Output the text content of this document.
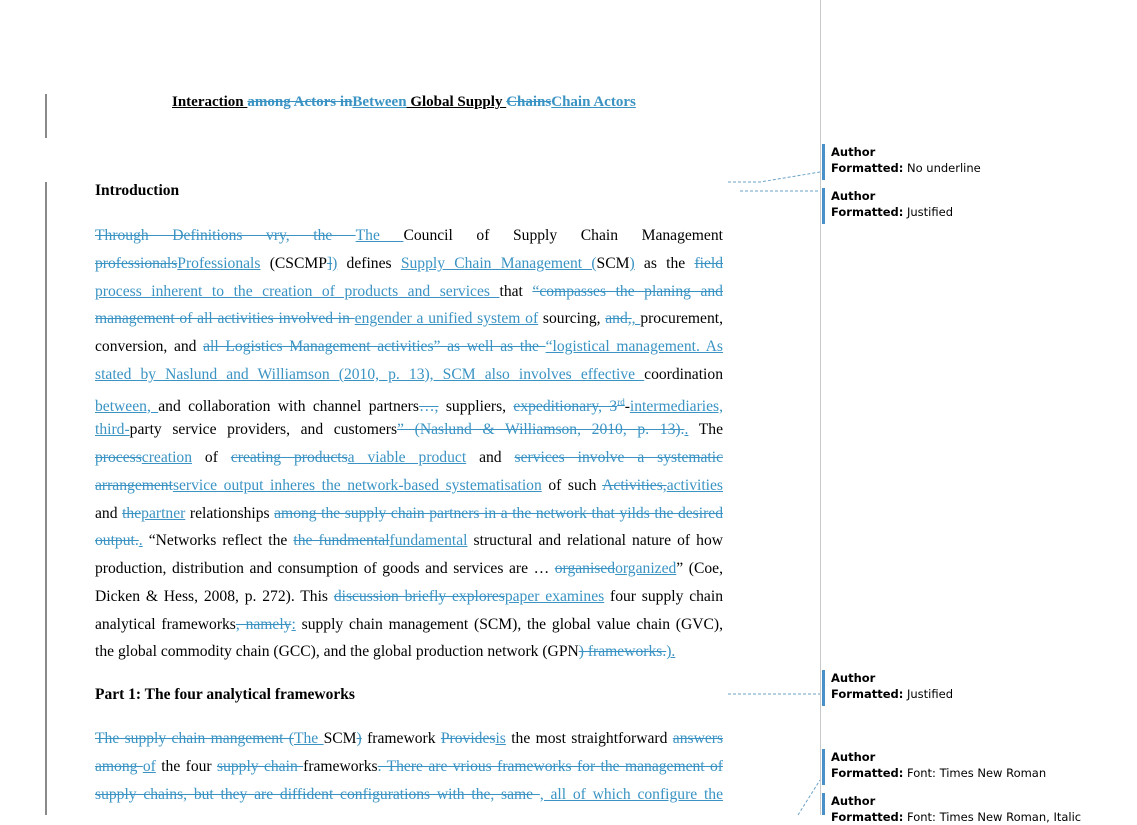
Interaction among Actors inBetween Global Supply ChainsChain Actors
Introduction
Through Definitions vry, the The Council of Supply Chain Management
professionalsProfessionals (CSCMP]) defines Supply Chain Management (SCM) as the field
process inherent to the creation of products and services that “compasses the planing and
management of all activities involved in engender a unified system of sourcing, and,, procurement,
conversion, and all Logistics Management activities” as well as the “logistical management. As
stated by Naslund and Williamson (2010, p. 13), SCM also involves effective coordination
between, and collaboration with channel partners…, suppliers, expeditionary, 3rd-intermediaries,
third-party service providers, and customers” (Naslund & Williamson, 2010, p. 13).. The
processcreation of creating productsa viable product and services involve a systematic
arrangementservice output inheres the network-based systematisation of such Activities,activities
and thepartner relationships among the supply chain partners in a the network that yilds the desired
output.. “Networks reflect the the fundmentalfundamental structural and relational nature of how
production, distribution and consumption of goods and services are … organisedorganized” (Coe,
Dicken & Hess, 2008, p. 272). This discussion briefly explorespaper examines four supply chain
analytical frameworks, namely: supply chain management (SCM), the global value chain (GVC),
the global commodity chain (GCC), and the global production network (GPN) frameworks.).
Part 1: The four analytical frameworks
The supply chain mangement (The SCM) framework Providesis the most straightforward answers
among of the four supply chain frameworks. There are vrious frameworks for the management of
supply chains, but they are diffident configurations with the, same , all of which configure the
Author
Formatted: No underline
Author
Formatted: Justified
Author
Formatted: Justified
Author
Formatted: Font: Times New Roman
Author
Formatted: Font: Times New Roman, Italic
